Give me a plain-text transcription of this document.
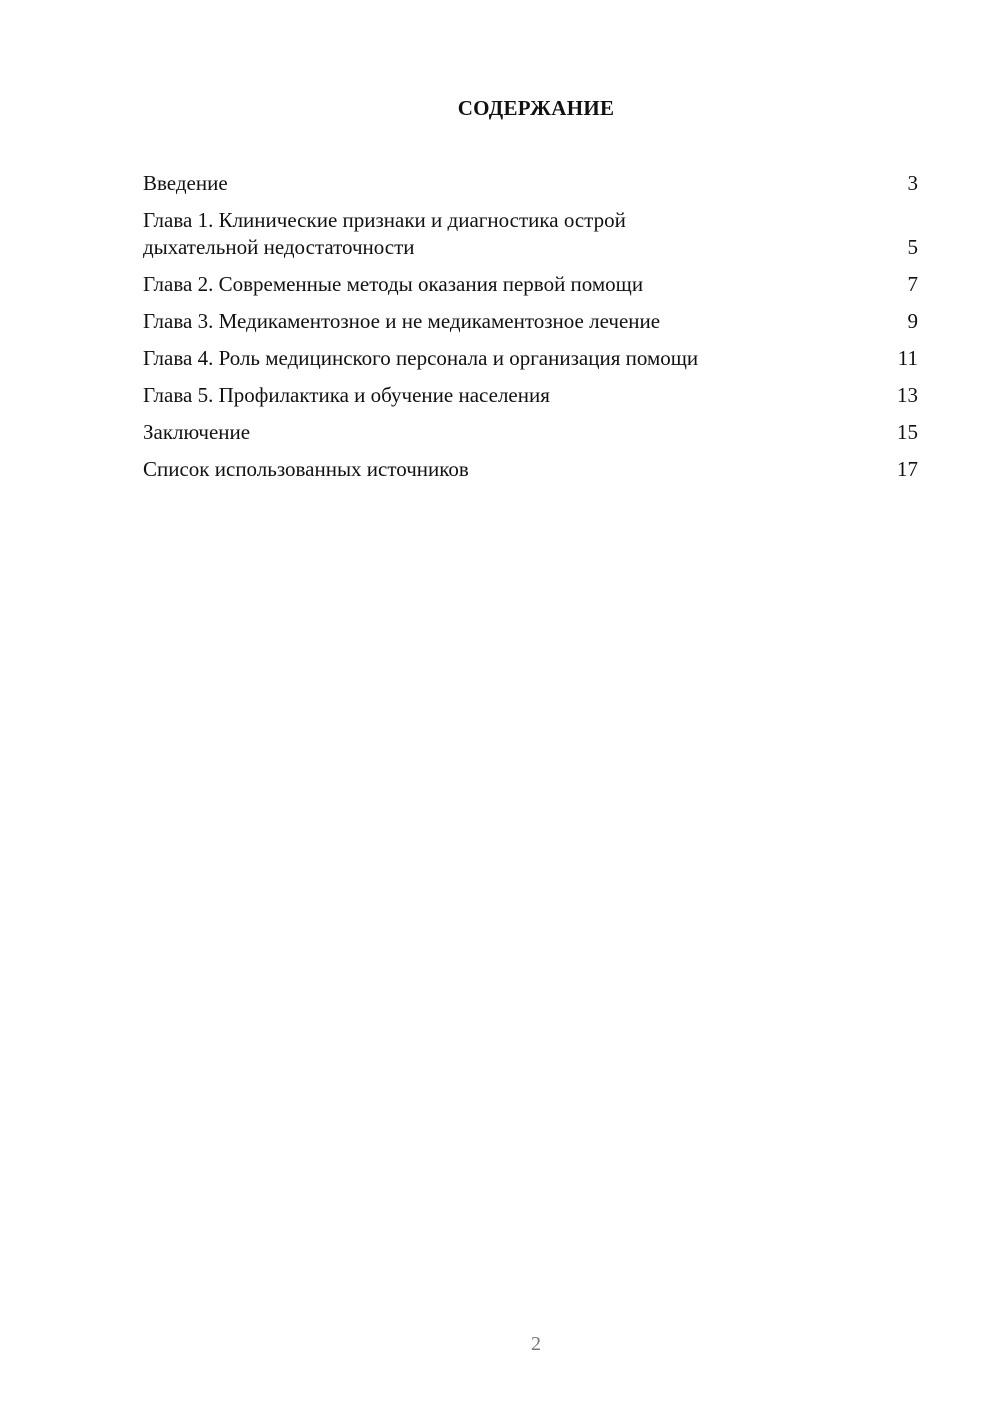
СОДЕРЖАНИЕ
Введение	3
Глава 1. Клинические признаки и диагностика острой
дыхательной недостаточности	5
Глава 2. Современные методы оказания первой помощи	7
Глава 3. Медикаментозное и не медикаментозное лечение	9
Глава 4. Роль медицинского персонала и организация помощи	11
Глава 5. Профилактика и обучение населения	13
Заключение	15
Список использованных источников	17
2
